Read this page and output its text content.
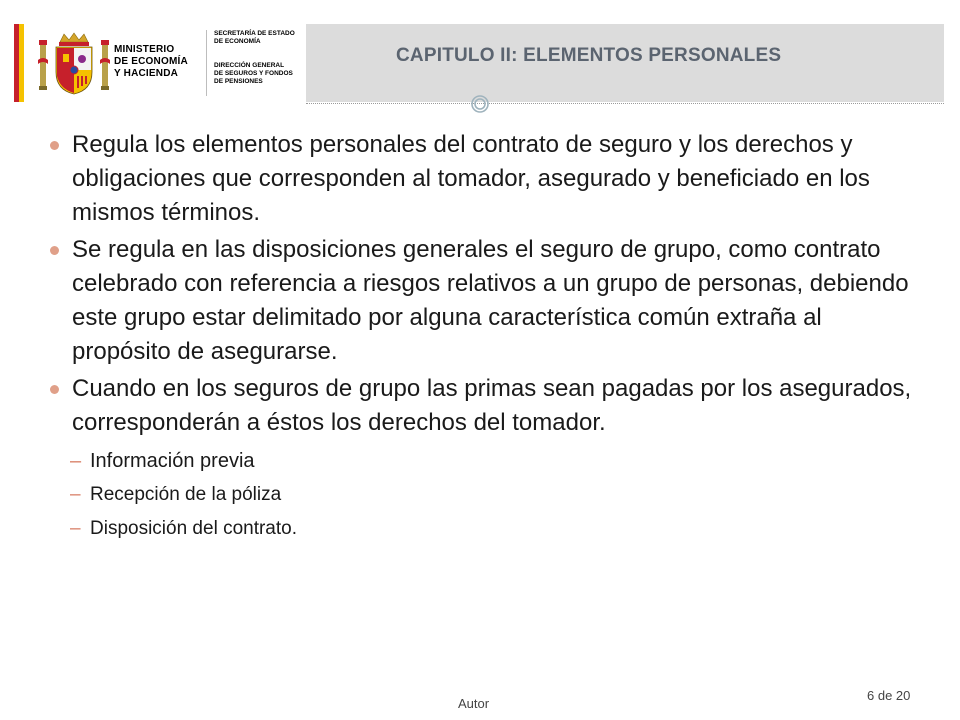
MINISTERIO
DE ECONOMÍA
Y HACIENDA
SECRETARÍA DE ESTADO
DE ECONOMÍA
DIRECCIÓN GENERAL
DE SEGUROS Y FONDOS
DE PENSIONES
CAPITULO II: ELEMENTOS PERSONALES
Regula los elementos personales del contrato de seguro y los derechos y obligaciones que corresponden al tomador, asegurado y beneficiado en los mismos términos.
Se regula en las disposiciones generales el seguro de grupo, como contrato celebrado con referencia a riesgos relativos a un grupo de personas, debiendo este grupo estar delimitado por alguna característica común extraña al propósito de asegurarse.
Cuando en los seguros de grupo las primas sean pagadas por los asegurados, corresponderán a éstos los derechos del tomador.
– Información previa
– Recepción de la póliza
– Disposición del contrato.
Autor
6 de 20
